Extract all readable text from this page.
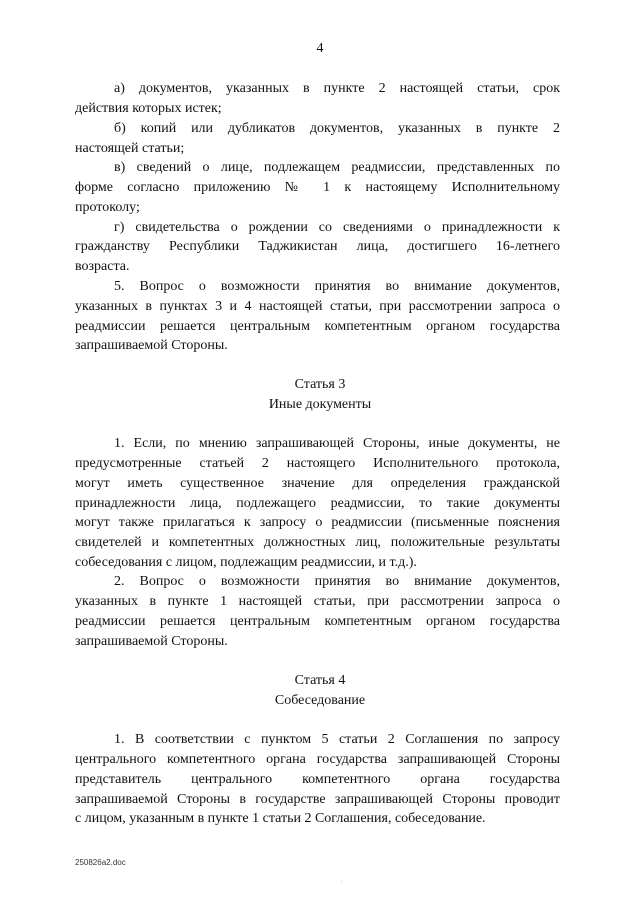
4
а) документов, указанных в пункте 2 настоящей статьи, срок
действия которых истек;
б) копий или дубликатов документов, указанных в пункте 2
настоящей статьи;
в) сведений о лице, подлежащем реадмиссии, представленных по
форме согласно приложению № 1 к настоящему Исполнительному
протоколу;
г) свидетельства о рождении со сведениями о принадлежности к
гражданству Республики Таджикистан лица, достигшего 16-летнего
возраста.
5. Вопрос о возможности принятия во внимание документов,
указанных в пунктах 3 и 4 настоящей статьи, при рассмотрении запроса о
реадмиссии решается центральным компетентным органом государства
запрашиваемой Стороны.
Статья 3
Иные документы
1. Если, по мнению запрашивающей Стороны, иные документы, не
предусмотренные статьей 2 настоящего Исполнительного протокола,
могут иметь существенное значение для определения гражданской
принадлежности лица, подлежащего реадмиссии, то такие документы
могут также прилагаться к запросу о реадмиссии (письменные пояснения
свидетелей и компетентных должностных лиц, положительные результаты
собеседования с лицом, подлежащим реадмиссии, и т.д.).
2. Вопрос о возможности принятия во внимание документов,
указанных в пункте 1 настоящей статьи, при рассмотрении запроса о
реадмиссии решается центральным компетентным органом государства
запрашиваемой Стороны.
Статья 4
Собеседование
1. В соответствии с пунктом 5 статьи 2 Соглашения по запросу
центрального компетентного органа государства запрашивающей Стороны
представитель центрального компетентного органа государства
запрашиваемой Стороны в государстве запрашивающей Стороны проводит
с лицом, указанным в пункте 1 статьи 2 Соглашения, собеседование.
250826a2.doc
.
